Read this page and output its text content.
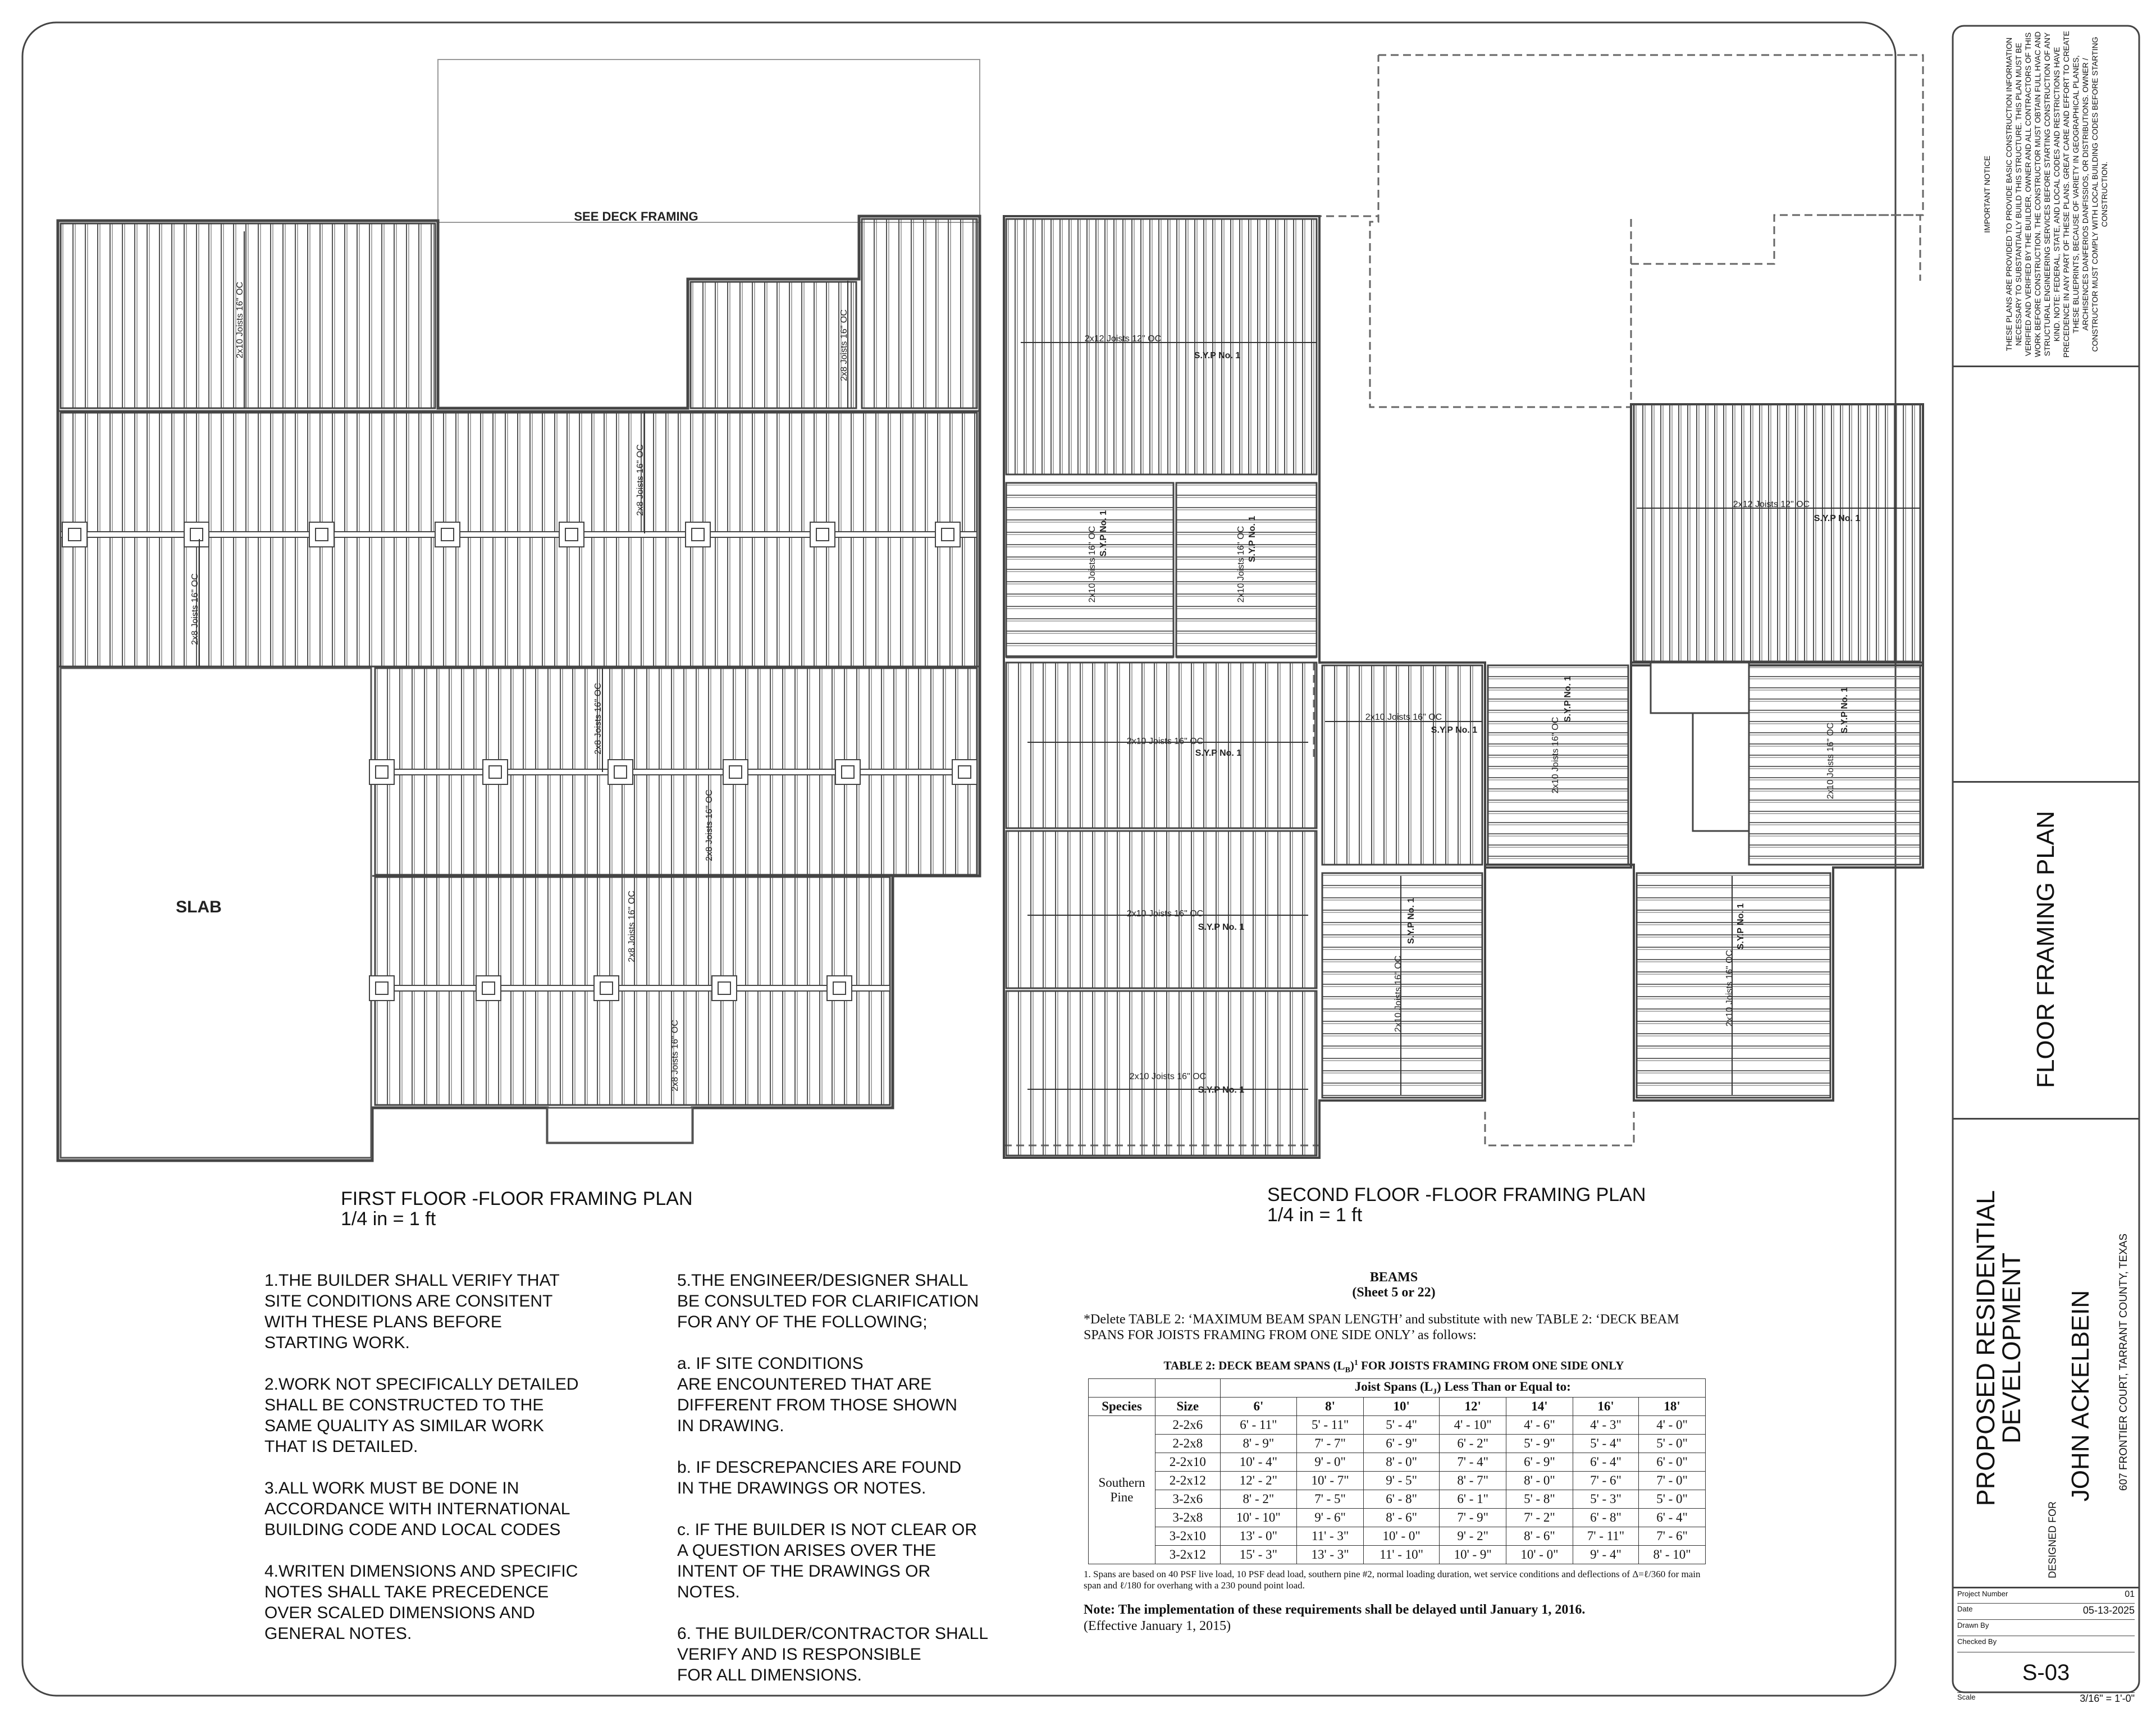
SEE DECK FRAMING
SLAB
2x10 Joists 16" OC	2x8 Joists 16" OC
2x8 Joists 16" OC
2x8 Joists 16" OC
2x8 Joists 16" OC
2x8 Joists 16" OC
2x8 Joists 16" OC
2x8 Joists 16" OC
2x12 Joists 12" OC
S.Y.P No. 1
2x12 Joists 12" OC
S.Y.P No. 1
2x10 Joists 16" OC S.Y.P No. 1	2x10 Joists 16" OC S.Y.P No. 1
2x10 Joists 16" OC
S.Y.P No. 1
2x10 Joists 16" OC
S.Y.P No. 1	2x10 Joists 16" OC
S.Y.P No. 1
2x10 Joists 16" OC
S.Y.P No. 1
2x10 Joists 16" OC
S.Y.P No. 1
2x10 Joists 16" OC
S.Y.P No. 1
2x10 Joists 16" OC
S.Y.P No. 1
2x10 Joists 16" OC
S.Y.P No. 1
FIRST FLOOR -FLOOR FRAMING PLAN
1/4 in = 1 ft
SECOND FLOOR -FLOOR FRAMING PLAN
1/4 in = 1 ft
1.THE BUILDER SHALL VERIFY THAT
SITE CONDITIONS ARE CONSITENT
WITH THESE PLANS BEFORE
STARTING WORK.
2.WORK NOT SPECIFICALLY DETAILED
SHALL BE CONSTRUCTED TO THE
SAME QUALITY AS SIMILAR WORK
THAT IS DETAILED.
3.ALL WORK MUST BE DONE IN
ACCORDANCE WITH INTERNATIONAL
BUILDING CODE AND LOCAL CODES
4.WRITEN DIMENSIONS AND SPECIFIC
NOTES SHALL TAKE PRECEDENCE
OVER SCALED DIMENSIONS AND
GENERAL NOTES.
5.THE ENGINEER/DESIGNER SHALL
BE CONSULTED FOR CLARIFICATION
FOR ANY OF THE FOLLOWING;
a. IF SITE CONDITIONS
ARE ENCOUNTERED THAT ARE
DIFFERENT FROM THOSE SHOWN
IN DRAWING.
b. IF DESCREPANCIES ARE FOUND
IN THE DRAWINGS OR NOTES.
c. IF THE BUILDER IS NOT CLEAR OR
A QUESTION ARISES OVER THE
INTENT OF THE DRAWINGS OR
NOTES.
6. THE BUILDER/CONTRACTOR SHALL
VERIFY AND IS RESPONSIBLE
FOR ALL DIMENSIONS.
BEAMS
(Sheet 5 or 22)
*Delete TABLE 2: ‘MAXIMUM BEAM SPAN LENGTH’ and substitute with new TABLE 2: ‘DECK BEAM SPANS FOR JOISTS FRAMING FROM ONE SIDE ONLY’ as follows:
TABLE 2: DECK BEAM SPANS $(L_B)^1$ FOR JOISTS FRAMING FROM ONE SIDE ONLY
		Joist Spans $(L_J)$ Less Than or Equal to:						
Species	Size	6'	8'	10'	12'	14'	16'	18'
Southern Pine	2-2x6	6' - 11"	5' - 11"	5' - 4"	4' - 10"	4' - 6"	4' - 3"	4' - 0"
	2-2x8	8' - 9"	7' - 7"	6' - 9"	6' - 2"	5' - 9"	5' - 4"	5' - 0"
	2-2x10	10' - 4"	9' - 0"	8' - 0"	7' - 4"	6' - 9"	6' - 4"	6' - 0"
	2-2x12	12' - 2"	10' - 7"	9' - 5"	8' - 7"	8' - 0"	7' - 6"	7' - 0"
	3-2x6	8' - 2"	7' - 5"	6' - 8"	6' - 1"	5' - 8"	5' - 3"	5' - 0"
	3-2x8	10' - 10"	9' - 6"	8' - 6"	7' - 9"	7' - 2"	6' - 8"	6' - 4"
	3-2x10	13' - 0"	11' - 3"	10' - 0"	9' - 2"	8' - 6"	7' - 11"	7' - 6"
	3-2x12	15' - 3"	13' - 3"	11' - 10"	10' - 9"	10' - 0"	9' - 4"	8' - 10"
1. Spans are based on 40 PSF live load, 10 PSF dead load, southern pine #2, normal loading duration, wet service conditions and deflections of Δ=ℓ/360 for main span and ℓ/180 for overhang with a 230 pound point load.
Note: The implementation of these requirements shall be delayed until January 1, 2016.
(Effective January 1, 2015)
IMPORTANT NOTICE THESE PLANS ARE PROVIDED TO PROVIDE BASIC CONSTRUCTION INFORMATION NECESSARY TO SUBSTANTIALLY BUILD THIS STRUCTURE. THIS PLAN MUST BE VERIFIED AND VERIFIED BY THE BUILDER, OWNER AND ALL CONTRACTORS OF THIS WORK BEFORE CONSTRUCTION. THE CONSTRUCTOR MUST OBTAIN FULL HVAC AND STRUCTURAL ENGINEERING SERVICES BEFORE STARTING CONSTRUCTION OF ANY KIND. NOTE: FEDERAL, STATE, AND LOCAL CODES AND RESTRICTIONS HAVE PRECEDENCE IN ANY PART OF THESE PLANS. GREAT CARE AND EFFORT TO CREATE THESE BLUEPRINTS, BECAUSE OF VARIETY IN GEOGRAPHICAL PLANES, ARCHISENCES DANFERIOS DANFISSIOS, OR DISTRIBUTIONS. OWNER / CONSTRUCTOR MUST COMPLY WITH LOCAL BUILDING CODES BEFORE STARTING CONSTRUCTION.
FLOOR FRAMING PLAN
PROPOSED RESIDENTIAL DEVELOPMENT
DESIGNED FOR
JOHN ACKELBEIN 607 FRONTIER COURT, TARRANT COUNTY, TEXAS
Project Number	01
Date	05-13-2025
Drawn By
Checked By
S-03
Scale	3/16" = 1'-0"
